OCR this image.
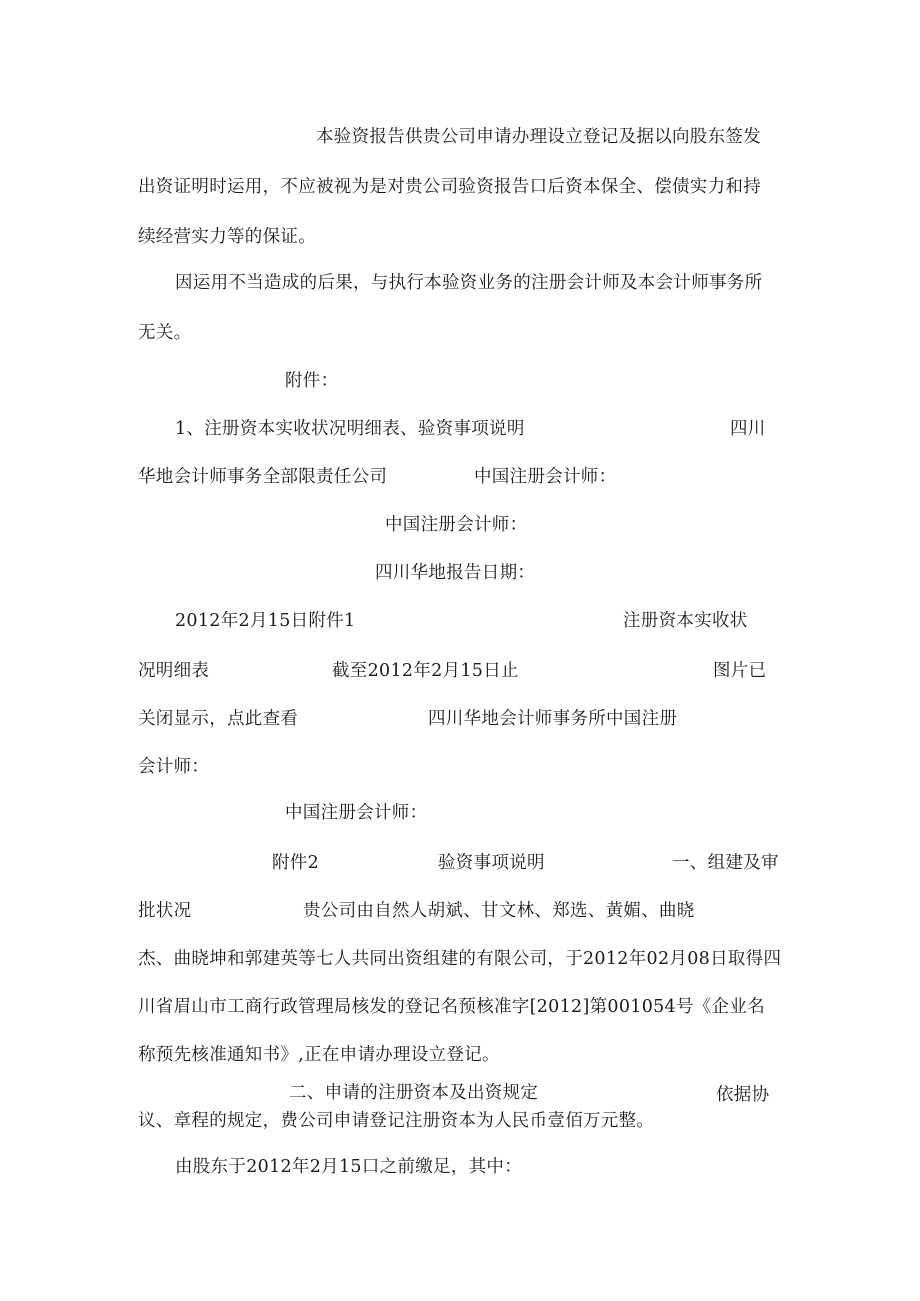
本验资报告供贵公司申请办理设立登记及据以向股东签发
出资证明时运用，不应被视为是对贵公司验资报告口后资本保全、偿债实力和持
续经营实力等的保证。
因运用不当造成的后果，与执行本验资业务的注册会计师及本会计师事务所
无关。
附件：
1、注册资本实收状况明细表、验资事项说明	四川
华地会计师事务全部限责任公司	中国注册会计师：
中国注册会计师：
四川华地报告日期：
2012年2月15日附件1	注册资本实收状
况明细表	截至2012年2月15日止	图片已
关闭显示，点此查看	四川华地会计师事务所中国注册
会计师：
中国注册会计师：
附件2	验资事项说明	一、组建及审
批状况	贵公司由自然人胡斌、甘文林、郑选、黄媚、曲晓
杰、曲晓坤和郭建英等七人共同出资组建的有限公司，于2012年02月08日取得四
川省眉山市工商行政管理局核发的登记名预核准字[2012]第001054号《企业名
称预先核准通知书》,正在申请办理设立登记。
二、申请的注册资本及出资规定	依据协
议、章程的规定，费公司申请登记注册资本为人民币壹佰万元整。
由股东于2012年2月15口之前缴足，其中：
